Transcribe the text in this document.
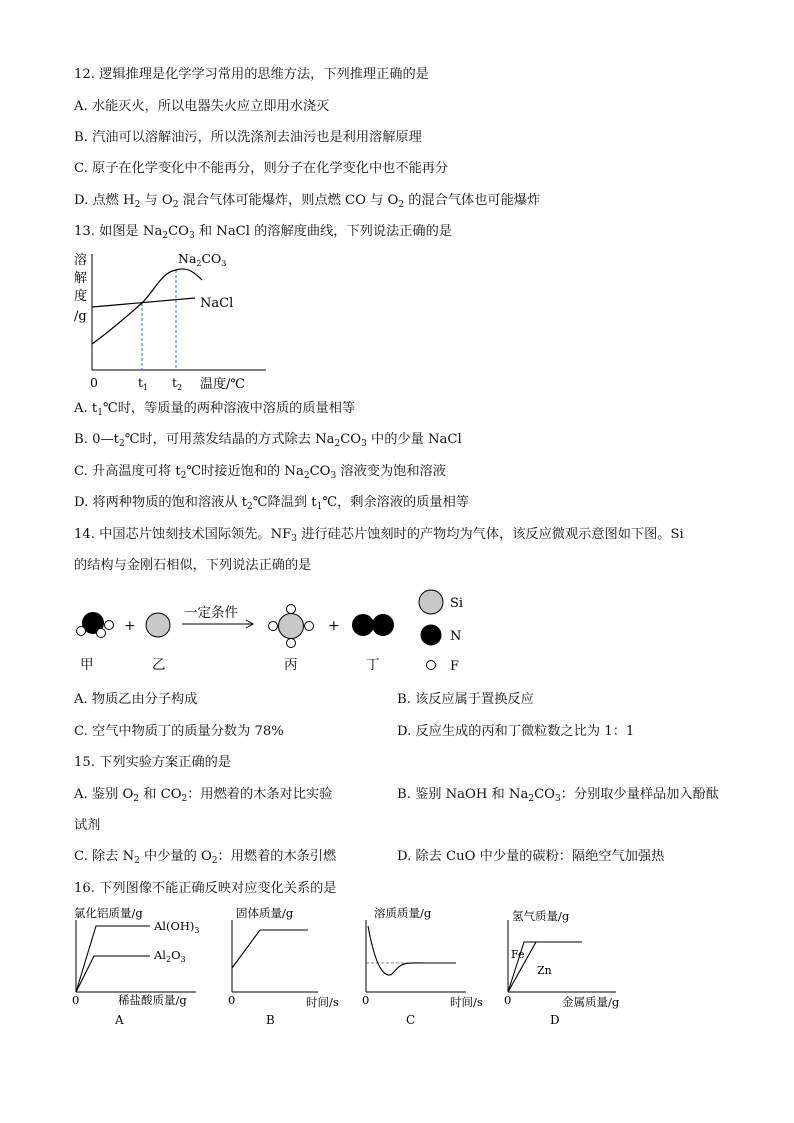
12. 逻辑推理是化学学习常用的思维方法，下列推理正确的是
A. 水能灭火，所以电器失火应立即用水浇灭
B. 汽油可以溶解油污，所以洗涤剂去油污也是利用溶解原理
C. 原子在化学变化中不能再分，则分子在化学变化中也不能再分
D. 点燃 $H_2$ 与 $O_2$ 混合气体可能爆炸，则点燃 CO 与 $O_2$ 的混合气体也可能爆炸
13. 如图是 $Na_2CO_3$ 和 NaCl 的溶解度曲线，下列说法正确的是
溶
解
度
/g
$Na_2CO_3$
NaCl
0	$t_1$ $t_2$ 温度/℃
A. $t_1℃$时，等质量的两种溶液中溶质的质量相等
B. $0—t_2℃$时，可用蒸发结晶的方式除去 $Na_2CO_3$ 中的少量 NaCl
C. 升高温度可将 $t_2℃$时接近饱和的 $Na_2CO_3$ 溶液变为饱和溶液
D. 将两种物质的饱和溶液从 $t_2℃$降温到 $t_1℃$，剩余溶液的质量相等
14. 中国芯片蚀刻技术国际领先。$NF_3$ 进行硅芯片蚀刻时的产物均为气体，该反应微观示意图如下图。Si
的结构与金刚石相似，下列说法正确的是
+
一定条件
+
甲	乙	丙	丁
Si
N
F
A. 物质乙由分子构成	B. 该反应属于置换反应
C. 空气中物质丁的质量分数为 78%	D. 反应生成的丙和丁微粒数之比为 1：1
15. 下列实验方案正确的是
A. 鉴别 $O_2$ 和 $CO_2$：用燃着的木条对比实验	B. 鉴别 NaOH 和 $Na_2CO_3$：分别取少量样品加入酚酞
试剂
C. 除去 $N_2$ 中少量的 $O_2$：用燃着的木条引燃	D. 除去 CuO 中少量的碳粉：隔绝空气加强热
16. 下列图像不能正确反映对应变化关系的是
氯化铝质量/g
$Al(OH)_3$
$Al_2O_3$
0	稀盐酸质量/g
A
固体质量/g
0	时间/s
B
溶质质量/g
0	时间/s
C
氢气质量/g
Fe
Zn
0	金属质量/g
D
